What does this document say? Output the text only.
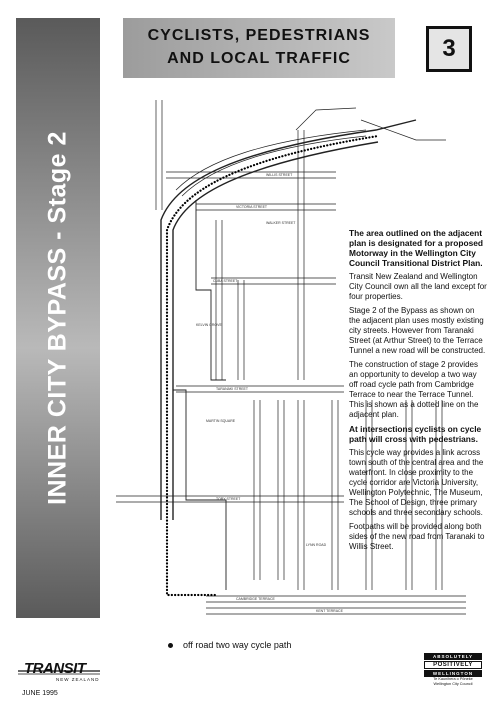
INNER CITY BYPASS - Stage 2
CYCLISTS, PEDESTRIANS
AND LOCAL TRAFFIC	3
WILLIS STREET
VICTORIA STREET
WALKER STREET
CUBA STREET
KELVIN GROVE
TARANAKI STREET
MARTIN SQUARE
TORY STREET
LYNN ROAD
CAMBRIDGE TERRACE
KENT TERRACE

The area outlined on the adjacent plan is designated for a proposed Motorway in the Wellington City Council Transitional District Plan.

Transit New Zealand and Wellington City Council own all the land except for four properties.

Stage 2 of the Bypass as shown on the adjacent plan uses mostly existing city streets. However from Taranaki Street (at Arthur Street) to the Terrace Tunnel a new road will be constructed.

The construction of stage 2 provides an opportunity to develop a two way off road cycle path from Cambridge Terrace to near the Terrace Tunnel. This is shown as a dotted line on the adjacent plan.

At intersections cyclists on cycle path will cross with pedestrians.

This cycle way provides a link across town south of the central area and the waterfront. In close proximity to the cycle corridor are Victoria University, Wellington Polytechnic, The Museum, The School of Design, three primary schools and three secondary schools.

Footpaths will be provided along both sides of the new road from Taranaki to Willis Street.

off road two way cycle path
TRANSIT
NEW ZEALAND
JUNE 1995
ABSOLUTELY
POSITIVELY
WELLINGTON
Te Kaunihera o Pōneke
Wellington City Council
